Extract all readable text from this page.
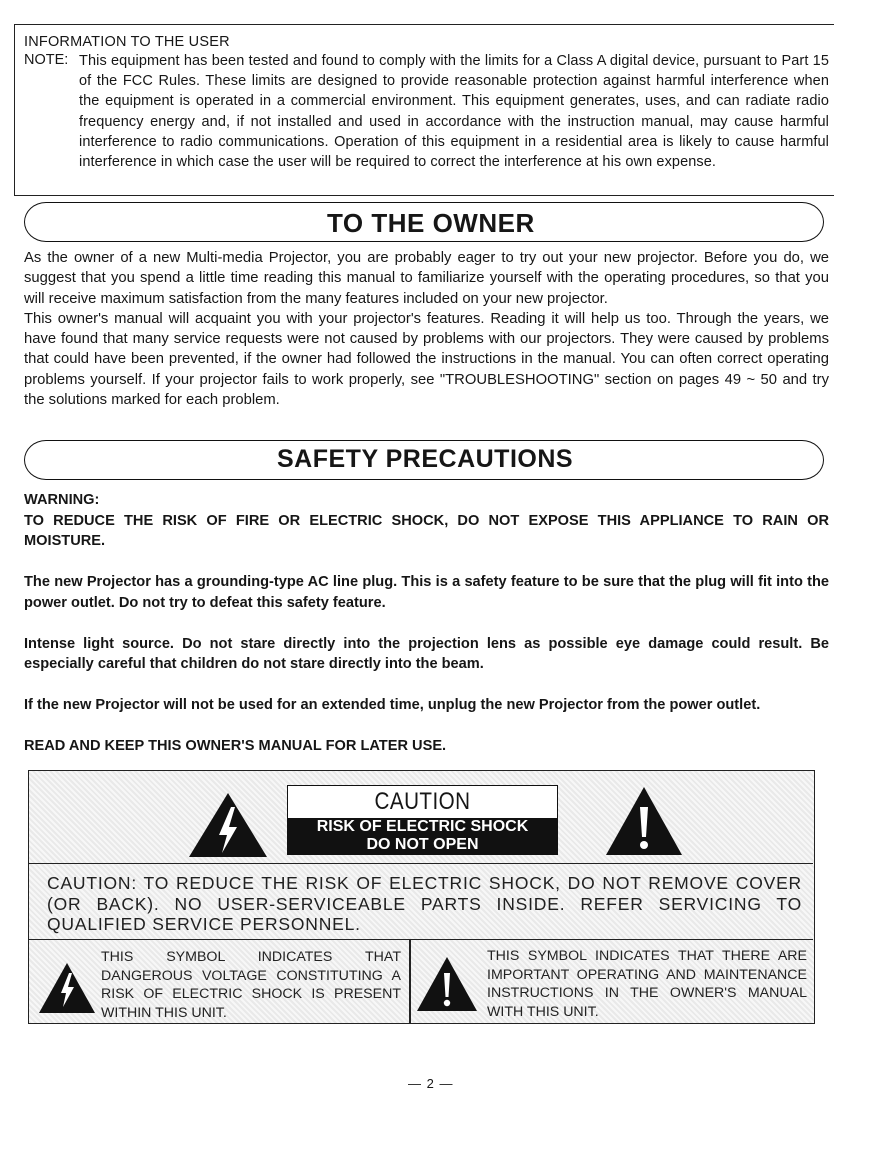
INFORMATION TO THE USER
NOTE: This equipment has been tested and found to comply with the limits for a Class A digital device, pursuant to Part 15 of the FCC Rules. These limits are designed to provide reasonable protection against harmful interference when the equipment is operated in a commercial environment. This equipment generates, uses, and can radiate radio frequency energy and, if not installed and used in accordance with the instruction manual, may cause harmful interference to radio communications. Operation of this equipment in a residential area is likely to cause harmful interference in which case the user will be required to correct the interference at his own expense.
TO THE OWNER

As the owner of a new Multi-media Projector, you are probably eager to try out your new projector. Before you do, we suggest that you spend a little time reading this manual to familiarize yourself with the operating procedures, so that you will receive maximum satisfaction from the many features included on your new projector.

This owner's manual will acquaint you with your projector's features. Reading it will help us too. Through the years, we have found that many service requests were not caused by problems with our projectors. They were caused by problems that could have been prevented, if the owner had followed the instructions in the manual. You can often correct operating problems yourself. If your projector fails to work properly, see "TROUBLESHOOTING" section on pages 49 ~ 50 and try the solutions marked for each problem.

SAFETY PRECAUTIONS

WARNING:

TO REDUCE THE RISK OF FIRE OR ELECTRIC SHOCK, DO NOT EXPOSE THIS APPLIANCE TO RAIN OR MOISTURE.

The new Projector has a grounding-type AC line plug. This is a safety feature to be sure that the plug will fit into the power outlet. Do not try to defeat this safety feature.

Intense light source. Do not stare directly into the projection lens as possible eye damage could result. Be especially careful that children do not stare directly into the beam.

If the new Projector will not be used for an extended time, unplug the new Projector from the power outlet.

READ AND KEEP THIS OWNER'S MANUAL FOR LATER USE.

CAUTION
RISK OF ELECTRIC SHOCK
DO NOT OPEN
CAUTION: TO REDUCE THE RISK OF ELECTRIC SHOCK, DO NOT REMOVE COVER (OR BACK). NO USER-SERVICEABLE PARTS INSIDE. REFER SERVICING TO QUALIFIED SERVICE PERSONNEL.
THIS SYMBOL INDICATES THAT DANGEROUS VOLTAGE CONSTITUTING A RISK OF ELECTRIC SHOCK IS PRESENT WITHIN THIS UNIT.
THIS SYMBOL INDICATES THAT THERE ARE IMPORTANT OPERATING AND MAINTENANCE INSTRUCTIONS IN THE OWNER'S MANUAL WITH THIS UNIT.
— 2 —
